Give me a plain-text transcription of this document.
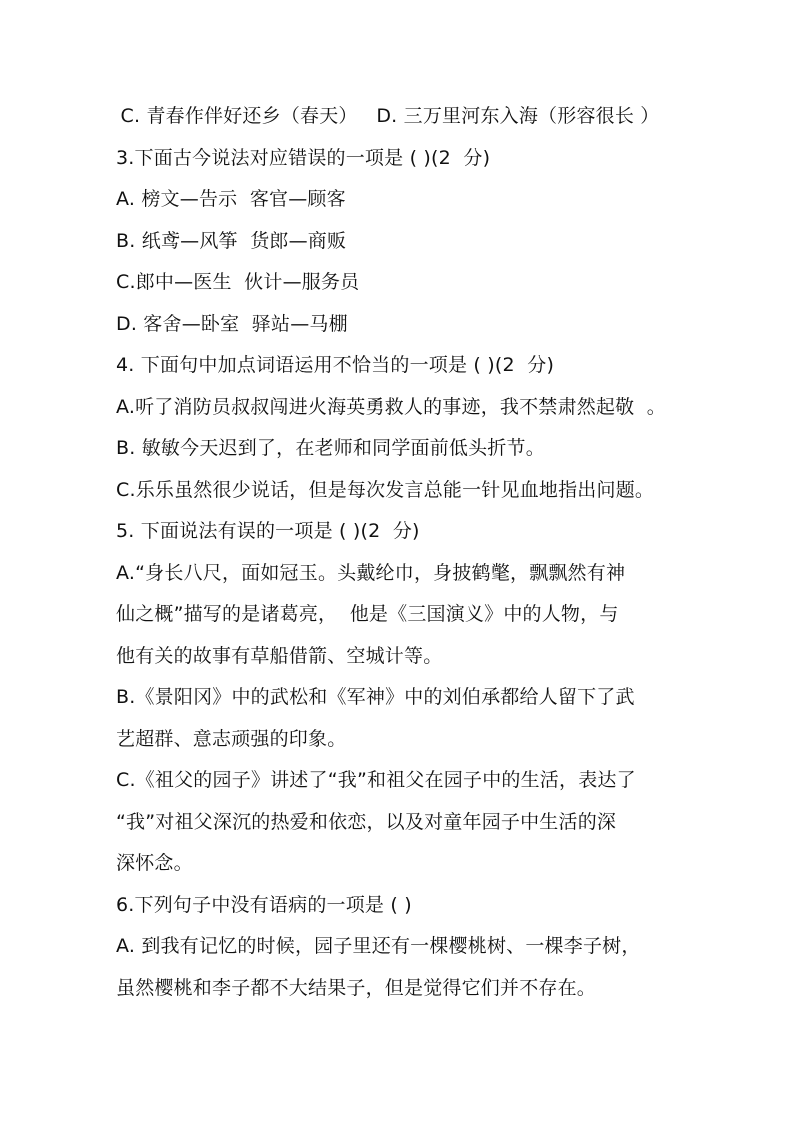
C. 青春作伴好还乡（春天）   D. 三万里河东入海（形容很长 ）
3.下面古今说法对应错误的一项是 ( )(2  分)
A. 榜文—告示  客官—顾客
B. 纸鸢—风筝  货郎—商贩
C.郎中—医生  伙计—服务员
D. 客舍—卧室  驿站—马棚
4. 下面句中加点词语运用不恰当的一项是 ( )(2  分)
A.听了消防员叔叔闯进火海英勇救人的事迹，我不禁肃然起敬  。
B. 敏敏今天迟到了，在老师和同学面前低头折节。
C.乐乐虽然很少说话，但是每次发言总能一针见血地指出问题。
5. 下面说法有误的一项是 ( )(2  分)
A.“身长八尺，面如冠玉。头戴纶巾，身披鹤氅，飘飘然有神
仙之概”描写的是诸葛亮，  他是《三国演义》中的人物，与
他有关的故事有草船借箭、空城计等。
B.《景阳冈》中的武松和《军神》中的刘伯承都给人留下了武
艺超群、意志顽强的印象。
C.《祖父的园子》讲述了“我”和祖父在园子中的生活，表达了
“我”对祖父深沉的热爱和依恋，以及对童年园子中生活的深
深怀念。
6.下列句子中没有语病的一项是 ( )
A. 到我有记忆的时候，园子里还有一棵樱桃树、一棵李子树，
虽然樱桃和李子都不大结果子，但是觉得它们并不存在。
